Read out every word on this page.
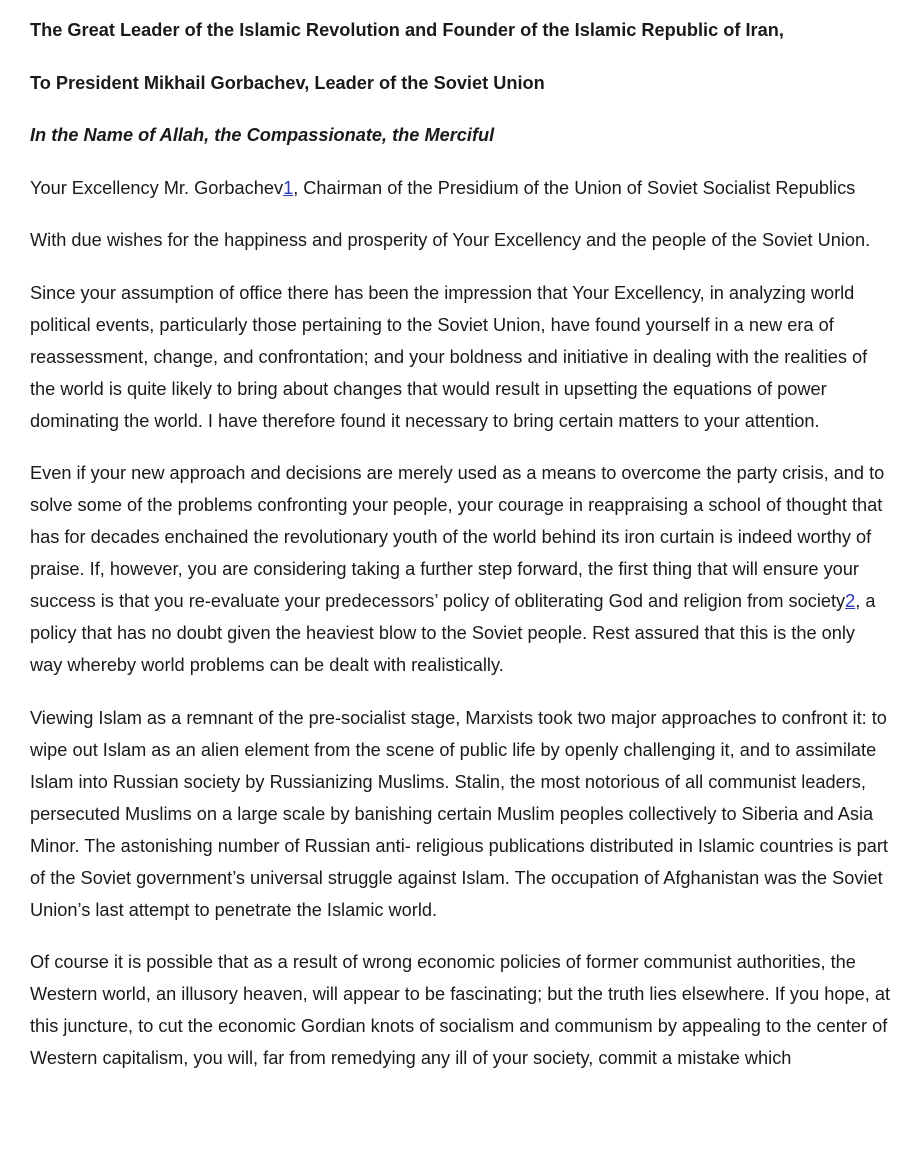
The Great Leader of the Islamic Revolution and Founder of the Islamic Republic of Iran,
To President Mikhail Gorbachev, Leader of the Soviet Union
In the Name of Allah, the Compassionate, the Merciful

Your Excellency Mr. Gorbachev1, Chairman of the Presidium of the Union of Soviet Socialist Republics

With due wishes for the happiness and prosperity of Your Excellency and the people of the Soviet Union.

Since your assumption of office there has been the impression that Your Excellency, in analyzing world political events, particularly those pertaining to the Soviet Union, have found yourself in a new era of reassessment, change, and confrontation; and your boldness and initiative in dealing with the realities of the world is quite likely to bring about changes that would result in upsetting the equations of power dominating the world. I have therefore found it necessary to bring certain matters to your attention.

Even if your new approach and decisions are merely used as a means to overcome the party crisis, and to solve some of the problems confronting your people, your courage in reappraising a school of thought that has for decades enchained the revolutionary youth of the world behind its iron curtain is indeed worthy of praise. If, however, you are considering taking a further step forward, the first thing that will ensure your success is that you re-evaluate your predecessors’ policy of obliterating God and religion from society2, a policy that has no doubt given the heaviest blow to the Soviet people. Rest assured that this is the only way whereby world problems can be dealt with realistically.

Viewing Islam as a remnant of the pre-socialist stage, Marxists took two major approaches to confront it: to wipe out Islam as an alien element from the scene of public life by openly challenging it, and to assimilate Islam into Russian society by Russianizing Muslims. Stalin, the most notorious of all communist leaders, persecuted Muslims on a large scale by banishing certain Muslim peoples collectively to Siberia and Asia Minor. The astonishing number of Russian anti- religious publications distributed in Islamic countries is part of the Soviet government’s universal struggle against Islam. The occupation of Afghanistan was the Soviet Union’s last attempt to penetrate the Islamic world.

Of course it is possible that as a result of wrong economic policies of former communist authorities, the Western world, an illusory heaven, will appear to be fascinating; but the truth lies elsewhere. If you hope, at this juncture, to cut the economic Gordian knots of socialism and communism by appealing to the center of Western capitalism, you will, far from remedying any ill of your society, commit a mistake which
